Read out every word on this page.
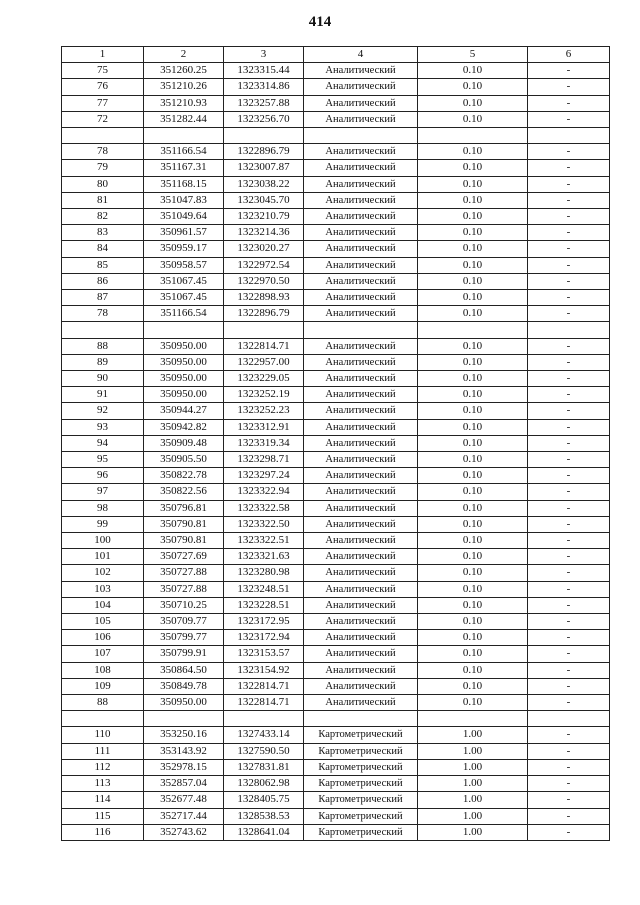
414
1	2	3	4	5	6
75	351260.25	1323315.44	Аналитический	0.10	-
76	351210.26	1323314.86	Аналитический	0.10	-
77	351210.93	1323257.88	Аналитический	0.10	-
72	351282.44	1323256.70	Аналитический	0.10	-

78	351166.54	1322896.79	Аналитический	0.10	-
79	351167.31	1323007.87	Аналитический	0.10	-
80	351168.15	1323038.22	Аналитический	0.10	-
81	351047.83	1323045.70	Аналитический	0.10	-
82	351049.64	1323210.79	Аналитический	0.10	-
83	350961.57	1323214.36	Аналитический	0.10	-
84	350959.17	1323020.27	Аналитический	0.10	-
85	350958.57	1322972.54	Аналитический	0.10	-
86	351067.45	1322970.50	Аналитический	0.10	-
87	351067.45	1322898.93	Аналитический	0.10	-
78	351166.54	1322896.79	Аналитический	0.10	-

88	350950.00	1322814.71	Аналитический	0.10	-
89	350950.00	1322957.00	Аналитический	0.10	-
90	350950.00	1323229.05	Аналитический	0.10	-
91	350950.00	1323252.19	Аналитический	0.10	-
92	350944.27	1323252.23	Аналитический	0.10	-
93	350942.82	1323312.91	Аналитический	0.10	-
94	350909.48	1323319.34	Аналитический	0.10	-
95	350905.50	1323298.71	Аналитический	0.10	-
96	350822.78	1323297.24	Аналитический	0.10	-
97	350822.56	1323322.94	Аналитический	0.10	-
98	350796.81	1323322.58	Аналитический	0.10	-
99	350790.81	1323322.50	Аналитический	0.10	-
100	350790.81	1323322.51	Аналитический	0.10	-
101	350727.69	1323321.63	Аналитический	0.10	-
102	350727.88	1323280.98	Аналитический	0.10	-
103	350727.88	1323248.51	Аналитический	0.10	-
104	350710.25	1323228.51	Аналитический	0.10	-
105	350709.77	1323172.95	Аналитический	0.10	-
106	350799.77	1323172.94	Аналитический	0.10	-
107	350799.91	1323153.57	Аналитический	0.10	-
108	350864.50	1323154.92	Аналитический	0.10	-
109	350849.78	1322814.71	Аналитический	0.10	-
88	350950.00	1322814.71	Аналитический	0.10	-

110	353250.16	1327433.14	Картометрический	1.00	-
111	353143.92	1327590.50	Картометрический	1.00	-
112	352978.15	1327831.81	Картометрический	1.00	-
113	352857.04	1328062.98	Картометрический	1.00	-
114	352677.48	1328405.75	Картометрический	1.00	-
115	352717.44	1328538.53	Картометрический	1.00	-
116	352743.62	1328641.04	Картометрический	1.00	-
